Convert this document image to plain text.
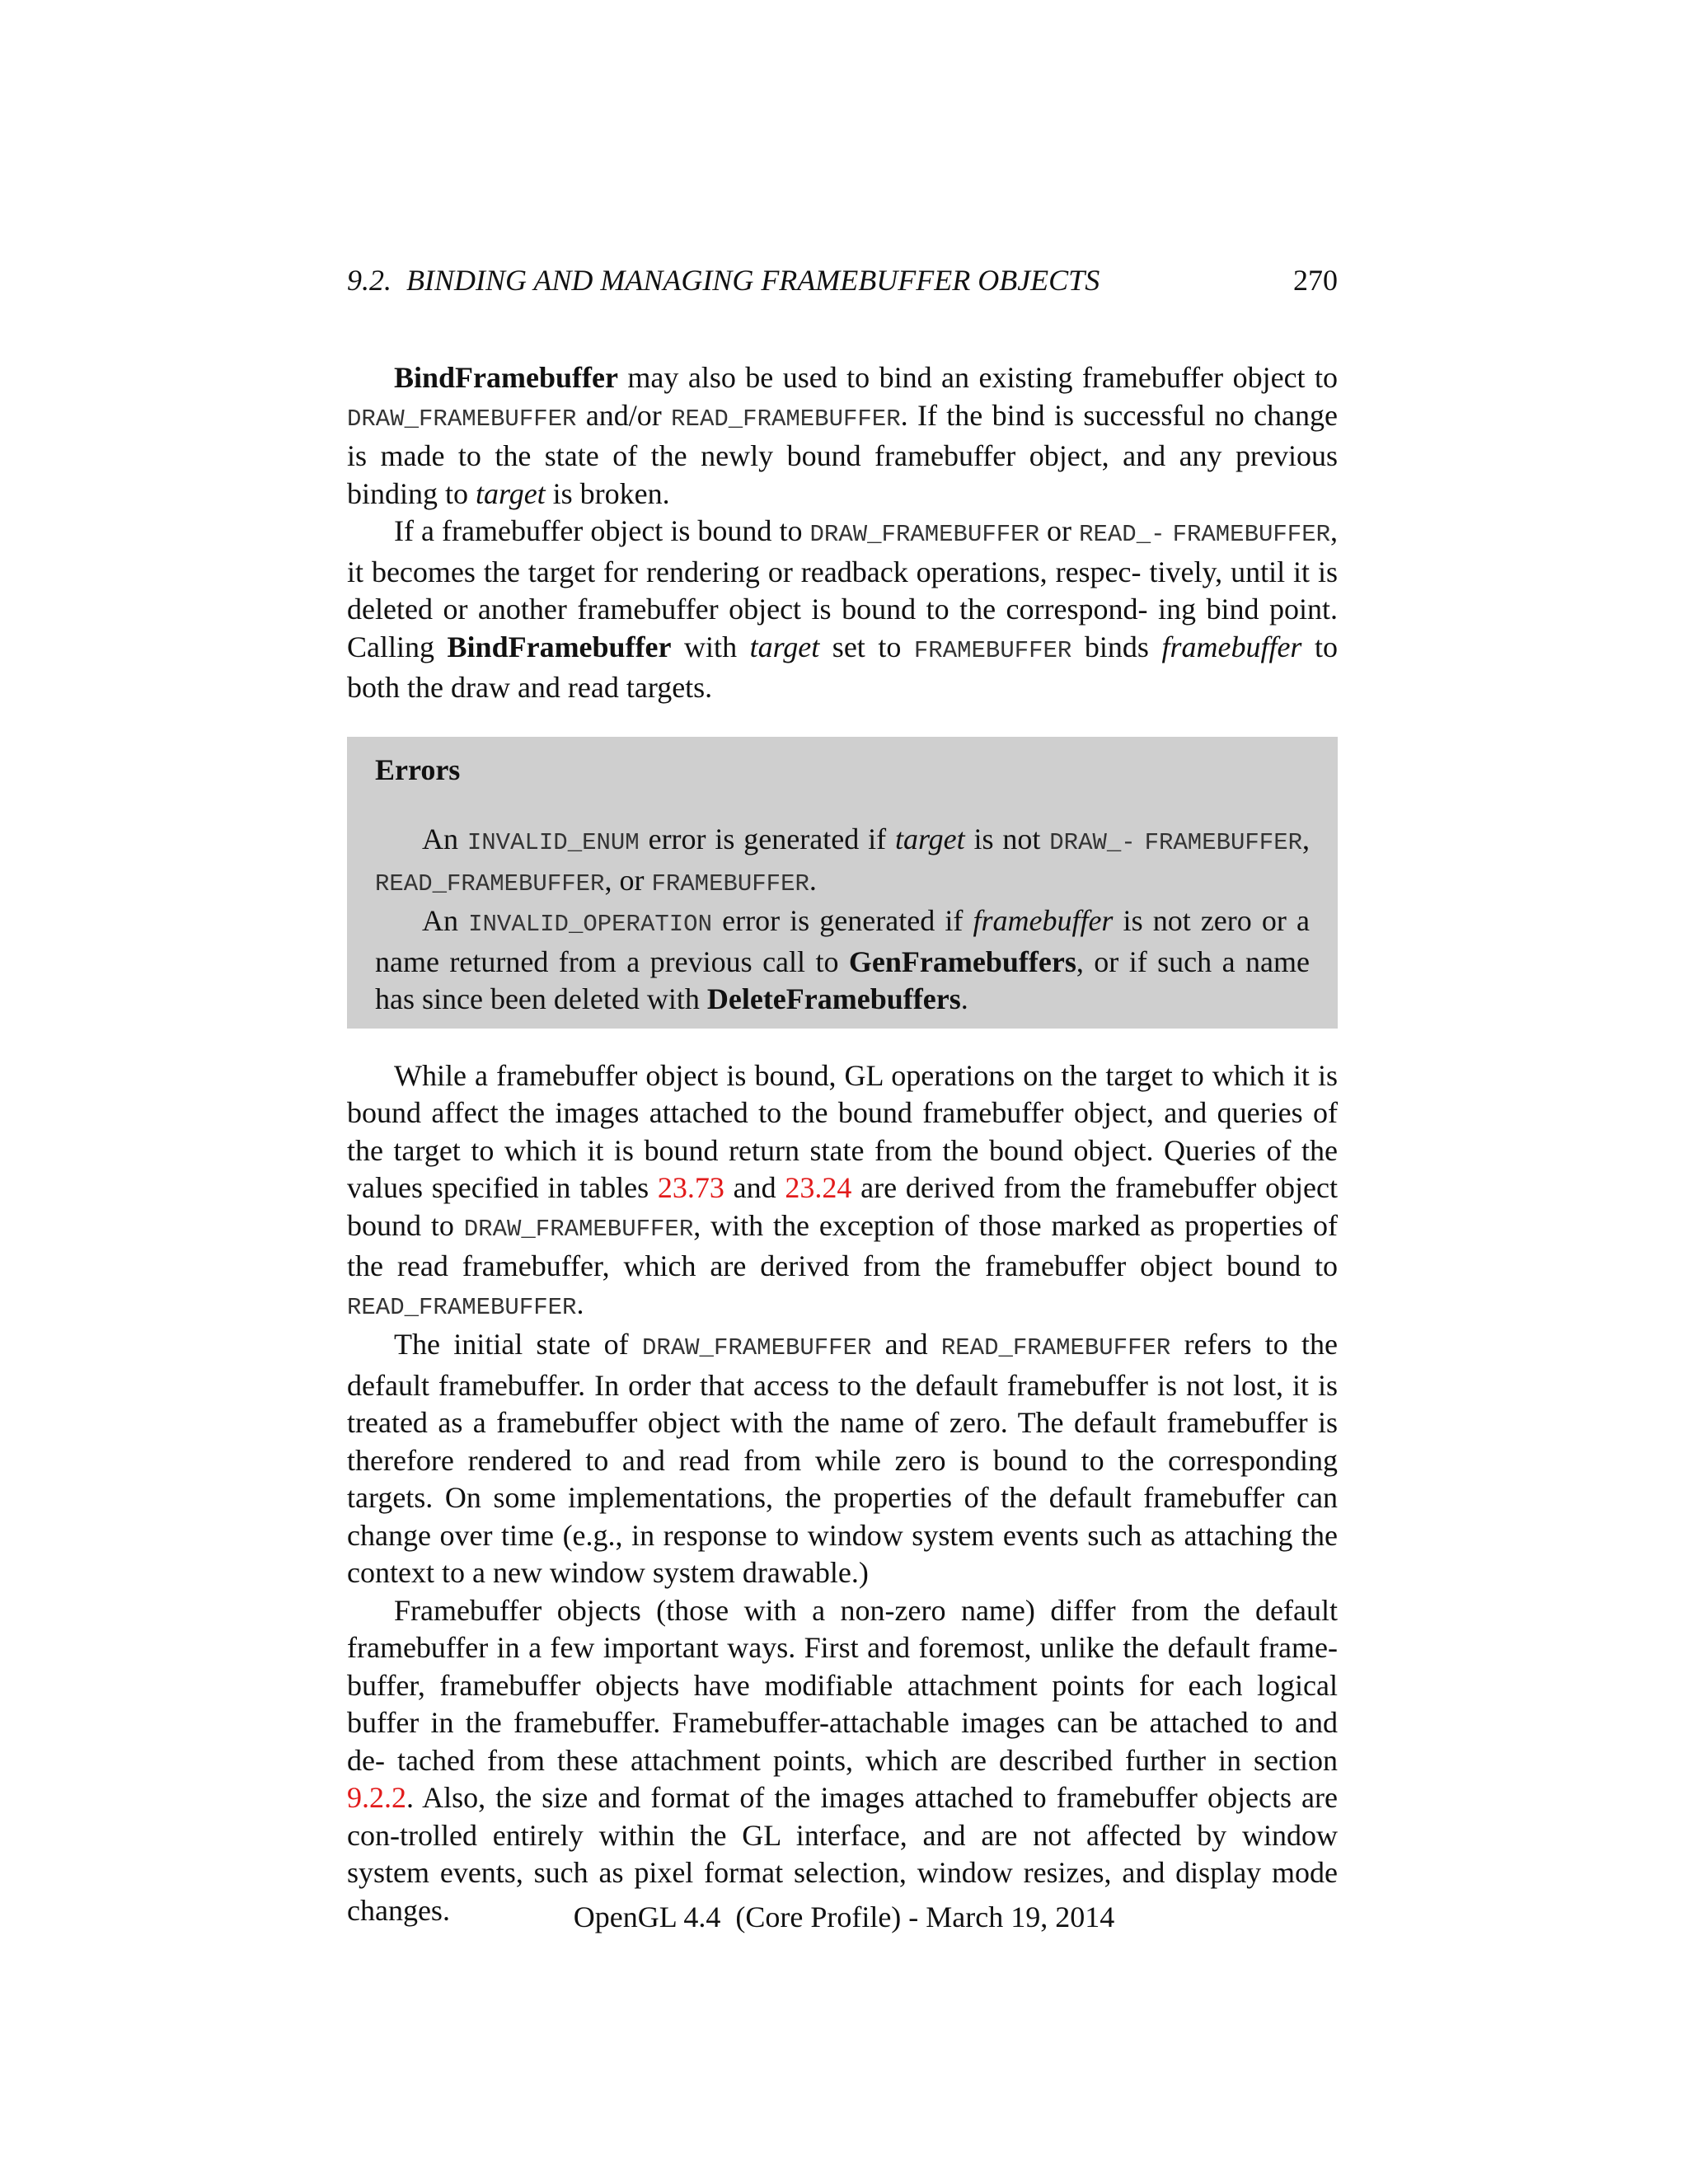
9.2.  BINDING AND MANAGING FRAMEBUFFER OBJECTS	270

BindFramebuffer may also be used to bind an existing framebuffer object to DRAW_FRAMEBUFFER and/or READ_FRAMEBUFFER. If the bind is successful no change is made to the state of the newly bound framebuffer object, and any previous binding to target is broken.

If a framebuffer object is bound to DRAW_FRAMEBUFFER or READ_- FRAMEBUFFER, it becomes the target for rendering or readback operations, respec- tively, until it is deleted or another framebuffer object is bound to the correspond- ing bind point. Calling BindFramebuffer with target set to FRAMEBUFFER binds framebuffer to both the draw and read targets.

Errors

An INVALID_ENUM error is generated if target is not DRAW_- FRAMEBUFFER, READ_FRAMEBUFFER, or FRAMEBUFFER.

An INVALID_OPERATION error is generated if framebuffer is not zero or a name returned from a previous call to GenFramebuffers, or if such a name has since been deleted with DeleteFramebuffers.

While a framebuffer object is bound, GL operations on the target to which it is bound affect the images attached to the bound framebuffer object, and queries of the target to which it is bound return state from the bound object. Queries of the values specified in tables 23.73 and 23.24 are derived from the framebuffer object bound to DRAW_FRAMEBUFFER, with the exception of those marked as properties of the read framebuffer, which are derived from the framebuffer object bound to READ_FRAMEBUFFER.

The initial state of DRAW_FRAMEBUFFER and READ_FRAMEBUFFER refers to the default framebuffer. In order that access to the default framebuffer is not lost, it is treated as a framebuffer object with the name of zero. The default framebuffer is therefore rendered to and read from while zero is bound to the corresponding targets. On some implementations, the properties of the default framebuffer can change over time (e.g., in response to window system events such as attaching the context to a new window system drawable.)

Framebuffer objects (those with a non-zero name) differ from the default framebuffer in a few important ways. First and foremost, unlike the default frame-buffer, framebuffer objects have modifiable attachment points for each logical buffer in the framebuffer. Framebuffer-attachable images can be attached to and de- tached from these attachment points, which are described further in section 9.2.2. Also, the size and format of the images attached to framebuffer objects are con-trolled entirely within the GL interface, and are not affected by window system events, such as pixel format selection, window resizes, and display mode changes.	OpenGL 4.4  (Core Profile) - March 19, 2014
